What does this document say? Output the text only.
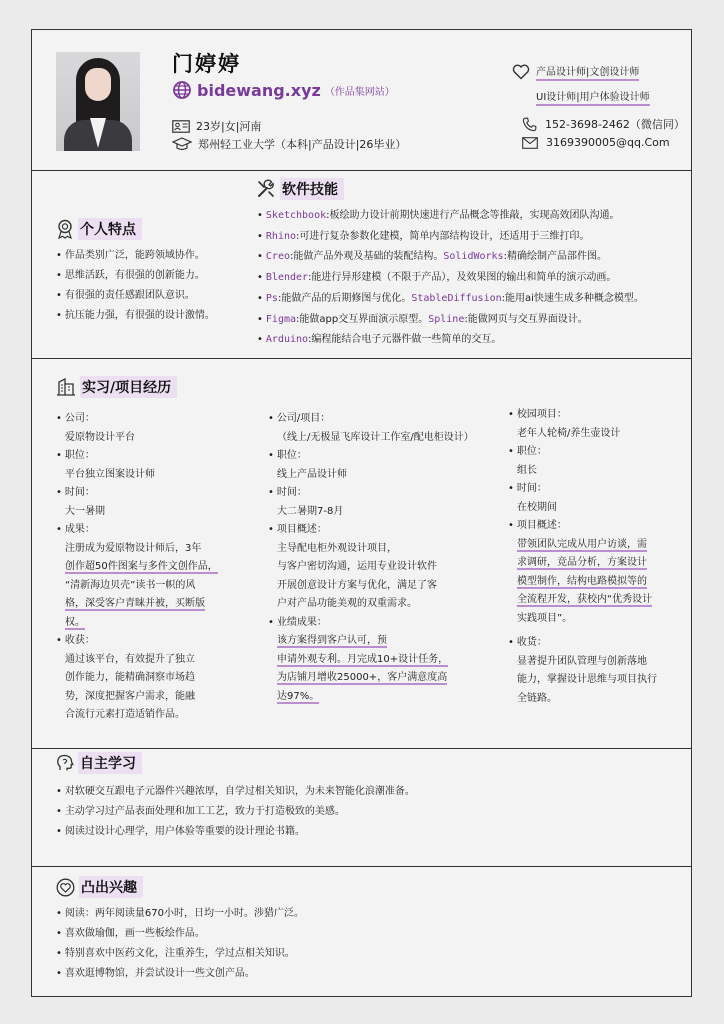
门婷婷
bidewang.xyz （作品集网站）
23岁|女|河南
郑州轻工业大学（本科|产品设计|26毕业）
产品设计师|文创设计师
UI设计师|用户体验设计师
152-3698-2462（微信同）
3169390005@qq.Com
软件技能
• Sketchbook:板绘助力设计前期快速进行产品概念等推敲，实现高效团队沟通。
• Rhino:可进行复杂参数化建模，简单内部结构设计，还适用于三维打印。
• Creo:能做产品外观及基础的装配结构。SolidWorks:精确绘制产品部件图。
• Blender:能进行异形建模（不限于产品），及效果图的输出和简单的演示动画。
• Ps:能做产品的后期修图与优化。StableDiffusion:能用ai快速生成多种概念模型。
• Figma:能做app交互界面演示原型。Spline:能做网页与交互界面设计。
• Arduino:编程能结合电子元器件做一些简单的交互。
个人特点
• 作品类别广泛，能跨领域协作。
• 思维活跃，有很强的创新能力。
• 有很强的责任感跟团队意识。
• 抗压能力强，有很强的设计激情。
实习/项目经历
• 公司：
爱原物设计平台
• 职位：
平台独立图案设计师
• 时间：
大一暑期
• 成果：
注册成为爱原物设计师后，3年
创作超50件图案与多件文创作品，
“清新海边贝壳”读书一帜的风
格，深受客户青睐并被，买断版
权。
• 收获：
通过该平台，有效提升了独立
创作能力，能精确洞察市场趋
势，深度把握客户需求，能融
合流行元素打造适销作品。
• 公司/项目：
（线上/无极显飞库设计工作室/配电柜设计）
• 职位：
线上产品设计师
• 时间：
大二暑期7-8月
• 项目概述：
主导配电柜外观设计项目，
与客户密切沟通，运用专业设计软件
开展创意设计方案与优化，满足了客
户对产品功能美观的双重需求。
• 业绩成果：
该方案得到客户认可，预
申请外观专利。月完成10+设计任务，
为店铺月增收25000+，客户满意度高
达97%。
• 校园项目：
老年人轮椅/养生壶设计
• 职位：
组长
• 时间：
在校期间
• 项目概述：
带领团队完成从用户访谈，需
求调研，竞品分析，方案设计
模型制作，结构电路模拟等的
全流程开发，获校内“优秀设计
实践项目”。
• 收货：
显著提升团队管理与创新落地
能力，掌握设计思维与项目执行
全链路。
自主学习
• 对软硬交互跟电子元器件兴趣浓厚，自学过相关知识，为未来智能化浪潮准备。
• 主动学习过产品表面处理和加工工艺，致力于打造极致的美感。
• 阅读过设计心理学，用户体验等重要的设计理论书籍。
凸出兴趣
• 阅读：两年阅读量670小时，日均一小时。涉猎广泛。
• 喜欢做瑜伽，画一些板绘作品。
• 特别喜欢中医药文化，注重养生，学过点相关知识。
• 喜欢逛博物馆，并尝试设计一些文创产品。
